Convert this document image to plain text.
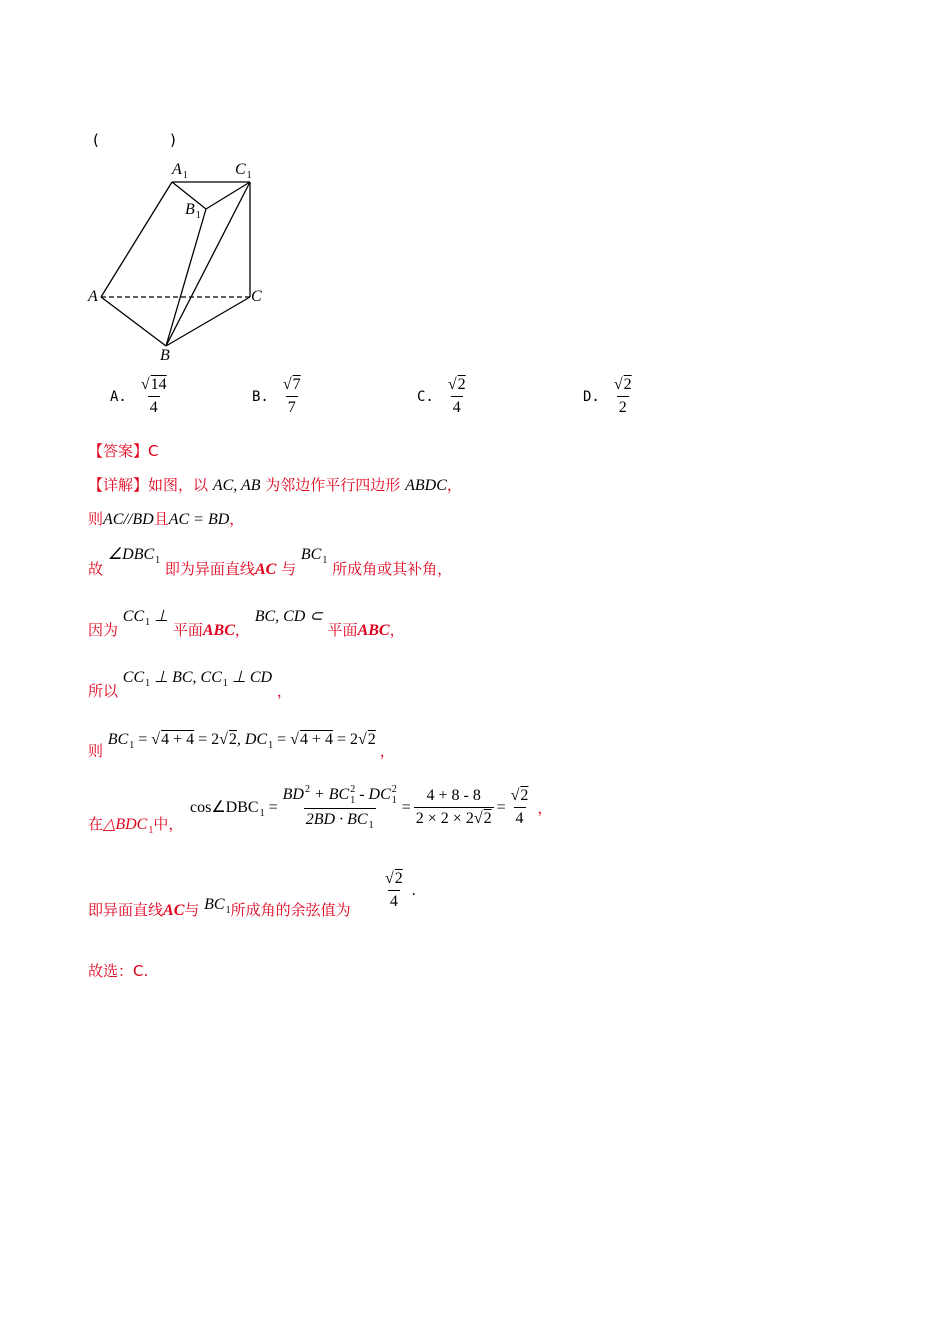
(	)
$A_1$	$C_1$
$B_1$
A	C
B
A. $\frac{√14}{4}$	B. $\frac{√7}{7}$	C. $\frac{√2}{4}$	D. $\frac{√2}{2}$
【答案】C
【详解】如图，以 AC, AB 为邻边作平行四边形 ABDC，
则AC//BD且AC = BD，
故 $\angle DBC_1$ 即为异面直线AC 与 $BC_1$ 所成角或其补角，
因为 $CC_1$ ⊥ 平面ABC， BC, CD ⊂ 平面ABC，
所以 $CC_1$ ⊥ BC, $CC_1$ ⊥ CD ，
则 $BC_1 = √4 + 4 = 2√2$, $DC_1 = √4 + 4 = 2√2$ ，
在$\triangle BDC_1$中，
$\cos\angle DBC_1 = \frac{BD^2 + BC_1^2 - DC_1^2}{2BD \cdot BC_1} = \frac{4 + 8 - 8}{2 \times 2 \times 2√2} = \frac{√2}{4}$ ，
即异面直线AC与 $BC_1$所成角的余弦值为 $\frac{√2}{4}$ .
故选：C.
